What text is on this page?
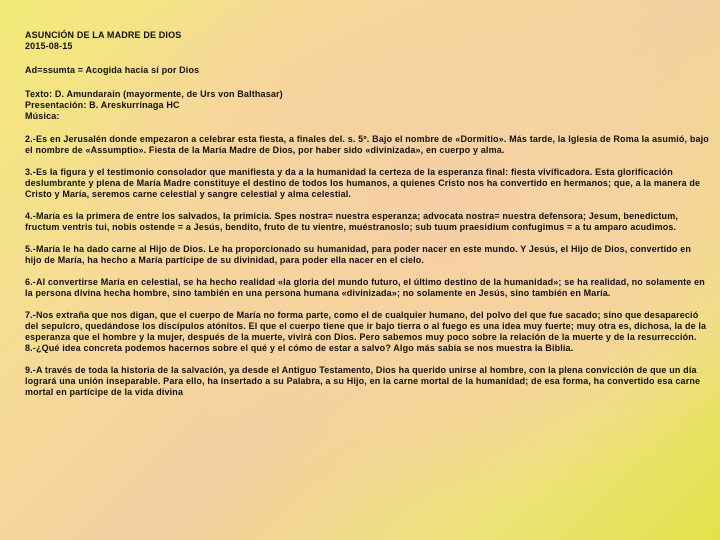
ASUNCIÓN DE LA MADRE DE DIOS

2015-08-15

Ad=ssumta = Acogida hacia sí por Dios

Texto: D. Amundarain (mayormente, de Urs von Balthasar)

Presentación: B. Areskurrinaga HC

Música:

2.-Es en Jerusalén donde empezaron a celebrar esta fiesta, a finales del. s. 5º. Bajo el nombre de «Dormitio». Más tarde, la Iglesia de Roma la asumió, bajo el nombre de «Assumptio». Fiesta de la María Madre de Dios, por haber sido «divinizada», en cuerpo y alma.

3.-Es la figura y el testimonio consolador que manifiesta y da a la humanidad la certeza de la esperanza final: fiesta vivificadora. Esta glorificación deslumbrante y plena de María Madre constituye el destino de todos los humanos, a quienes Cristo nos ha convertido en hermanos; que, a la manera de Cristo y María, seremos carne celestial y sangre celestial y alma celestial.

4.-María es la primera de entre los salvados, la primicia. Spes nostra= nuestra esperanza; advocata nostra= nuestra defensora; Jesum, benedictum, fructum ventris tui, nobis ostende = a Jesús, bendito, fruto de tu vientre, muéstranoslo; sub tuum praesidium confugimus = a tu amparo acudimos.

5.-María le ha dado carne al Hijo de Dios. Le ha proporcionado su humanidad, para poder nacer en este mundo. Y Jesús, el Hijo de Dios, convertido en hijo de María, ha hecho a María partícipe de su divinidad, para poder ella nacer en el cielo.

6.-Al convertirse María en celestial, se ha hecho realidad «la gloria del mundo futuro, el último destino de la humanidad»; se ha realidad, no solamente en la persona divina hecha hombre, sino también en una persona humana «divinizada»; no solamente en Jesús, sino también en María.

7.-Nos extraña que nos digan, que el cuerpo de María no forma parte, como el de cualquier humano, del polvo del que fue sacado; sino que desapareció del sepulcro, quedándose los discípulos atónitos. El que el cuerpo tiene que ir bajo tierra o al fuego es una idea muy fuerte; muy otra es, dichosa, la de la esperanza que el hombre y la mujer, después de la muerte, vivirá con Dios. Pero sabemos muy poco sobre la relación de la muerte y de la resurrección.

8.-¿Qué idea concreta podemos hacernos sobre el qué y el cómo de estar a salvo? Algo más sabía se nos muestra la Biblia.

9.-A través de toda la historia de la salvación, ya desde el Antiguo Testamento, Dios ha querido unirse al hombre, con la plena convicción de que un día logrará una unión inseparable. Para ello, ha insertado a su Palabra, a su Hijo, en la carne mortal de la humanidad; de esa forma, ha convertido esa carne mortal en partícipe de la vida divina
